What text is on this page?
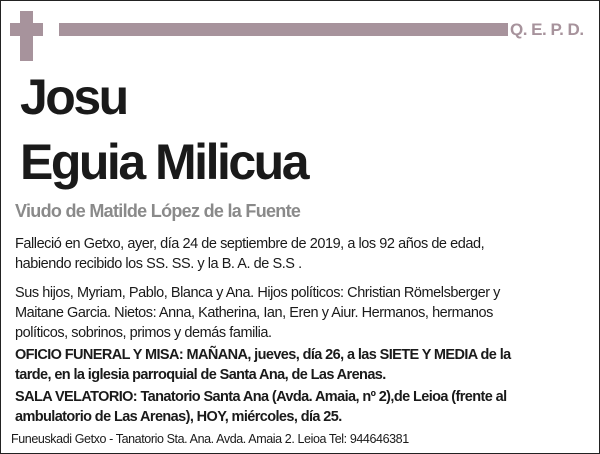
Q. E. P. D.
Josu
Eguia Milicua
Viudo de Matilde López de la Fuente
Falleció en Getxo, ayer, día 24 de septiembre de 2019, a los 92 años de edad,
habiendo recibido los SS. SS. y la B. A. de S.S .
Sus hijos, Myriam, Pablo, Blanca y Ana. Hijos políticos: Christian Römelsberger y
Maitane Garcia. Nietos: Anna, Katherina, Ian, Eren y Aiur. Hermanos, hermanos
políticos, sobrinos, primos y demás familia.
OFICIO FUNERAL Y MISA: MAÑANA, jueves, día 26, a las SIETE Y MEDIA de la
tarde, en la iglesia parroquial de Santa Ana, de Las Arenas.
SALA VELATORIO: Tanatorio Santa Ana (Avda. Amaia, nº 2),de Leioa (frente al
ambulatorio de Las Arenas), HOY, miércoles, día 25.
Funeuskadi Getxo - Tanatorio Sta. Ana. Avda. Amaia 2. Leioa Tel: 944646381
